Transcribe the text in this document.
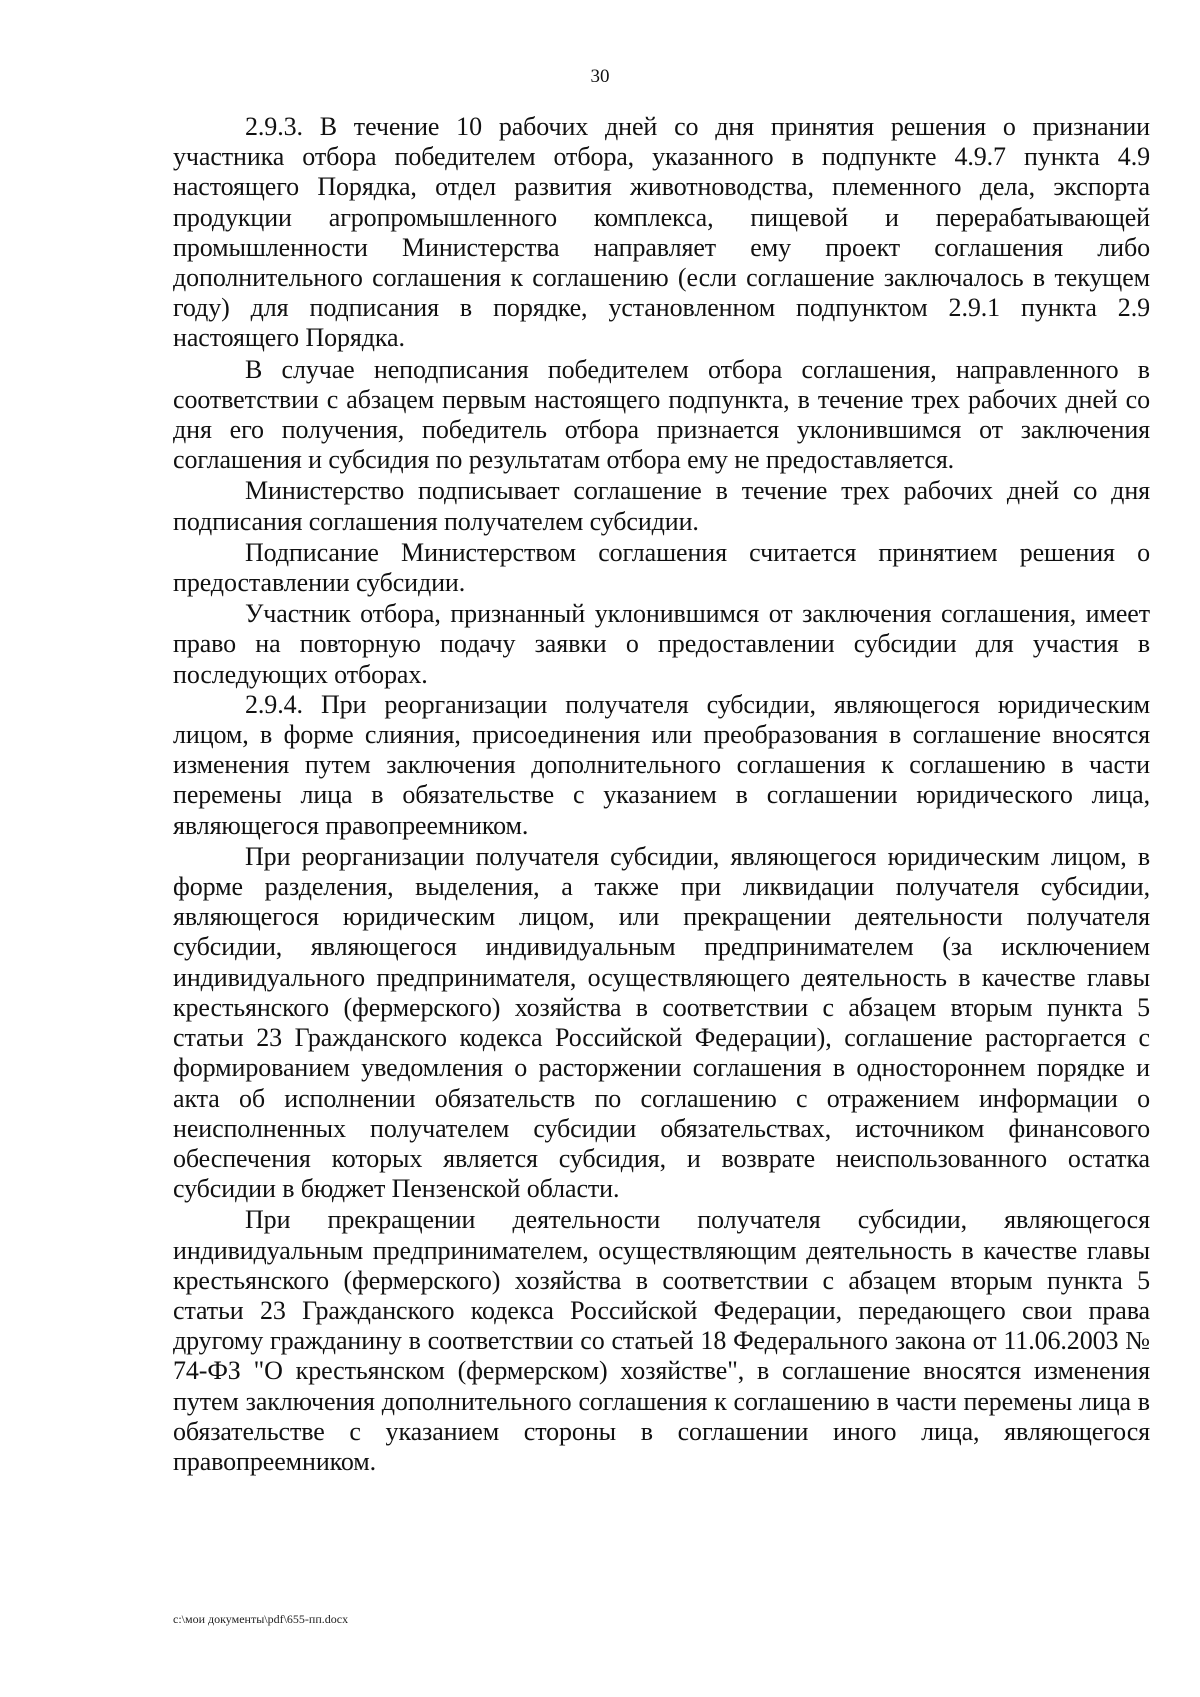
30

2.9.3. В течение 10 рабочих дней со дня принятия решения о признании участника отбора победителем отбора, указанного в подпункте 4.9.7 пункта 4.9 настоящего Порядка, отдел развития животноводства, племенного дела, экспорта продукции агропромышленного комплекса, пищевой и перерабатывающей промышленности Министерства направляет ему проект соглашения либо дополнительного соглашения к соглашению (если соглашение заключалось в текущем году) для подписания в порядке, установленном подпунктом 2.9.1 пункта 2.9 настоящего Порядка.

В случае неподписания победителем отбора соглашения, направленного в соответствии с абзацем первым настоящего подпункта, в течение трех рабочих дней со дня его получения, победитель отбора признается уклонившимся от заключения соглашения и субсидия по результатам отбора ему не предоставляется.

Министерство подписывает соглашение в течение трех рабочих дней со дня подписания соглашения получателем субсидии.

Подписание Министерством соглашения считается принятием решения о предоставлении субсидии.

Участник отбора, признанный уклонившимся от заключения соглашения, имеет право на повторную подачу заявки о предоставлении субсидии для участия в последующих отборах.

2.9.4. При реорганизации получателя субсидии, являющегося юридическим лицом, в форме слияния, присоединения или преобразования в соглашение вносятся изменения путем заключения дополнительного соглашения к соглашению в части перемены лица в обязательстве с указанием в соглашении юридического лица, являющегося правопреемником.

При реорганизации получателя субсидии, являющегося юридическим лицом, в форме разделения, выделения, а также при ликвидации получателя субсидии, являющегося юридическим лицом, или прекращении деятельности получателя субсидии, являющегося индивидуальным предпринимателем (за исключением индивидуального предпринимателя, осуществляющего деятельность в качестве главы крестьянского (фермерского) хозяйства в соответствии с абзацем вторым пункта 5 статьи 23 Гражданского кодекса Российской Федерации), соглашение расторгается с формированием уведомления о расторжении соглашения в одностороннем порядке и акта об исполнении обязательств по соглашению с отражением информации о неисполненных получателем субсидии обязательствах, источником финансового обеспечения которых является субсидия, и возврате неиспользованного остатка субсидии в бюджет Пензенской области.

При прекращении деятельности получателя субсидии, являющегося индивидуальным предпринимателем, осуществляющим деятельность в качестве главы крестьянского (фермерского) хозяйства в соответствии с абзацем вторым пункта 5 статьи 23 Гражданского кодекса Российской Федерации, передающего свои права другому гражданину в соответствии со статьей 18 Федерального закона от 11.06.2003 № 74-ФЗ "О крестьянском (фермерском) хозяйстве", в соглашение вносятся изменения путем заключения дополнительного соглашения к соглашению в части перемены лица в обязательстве с указанием стороны в соглашении иного лица, являющегося правопреемником.

c:\мои документы\pdf\655-пп.docx
